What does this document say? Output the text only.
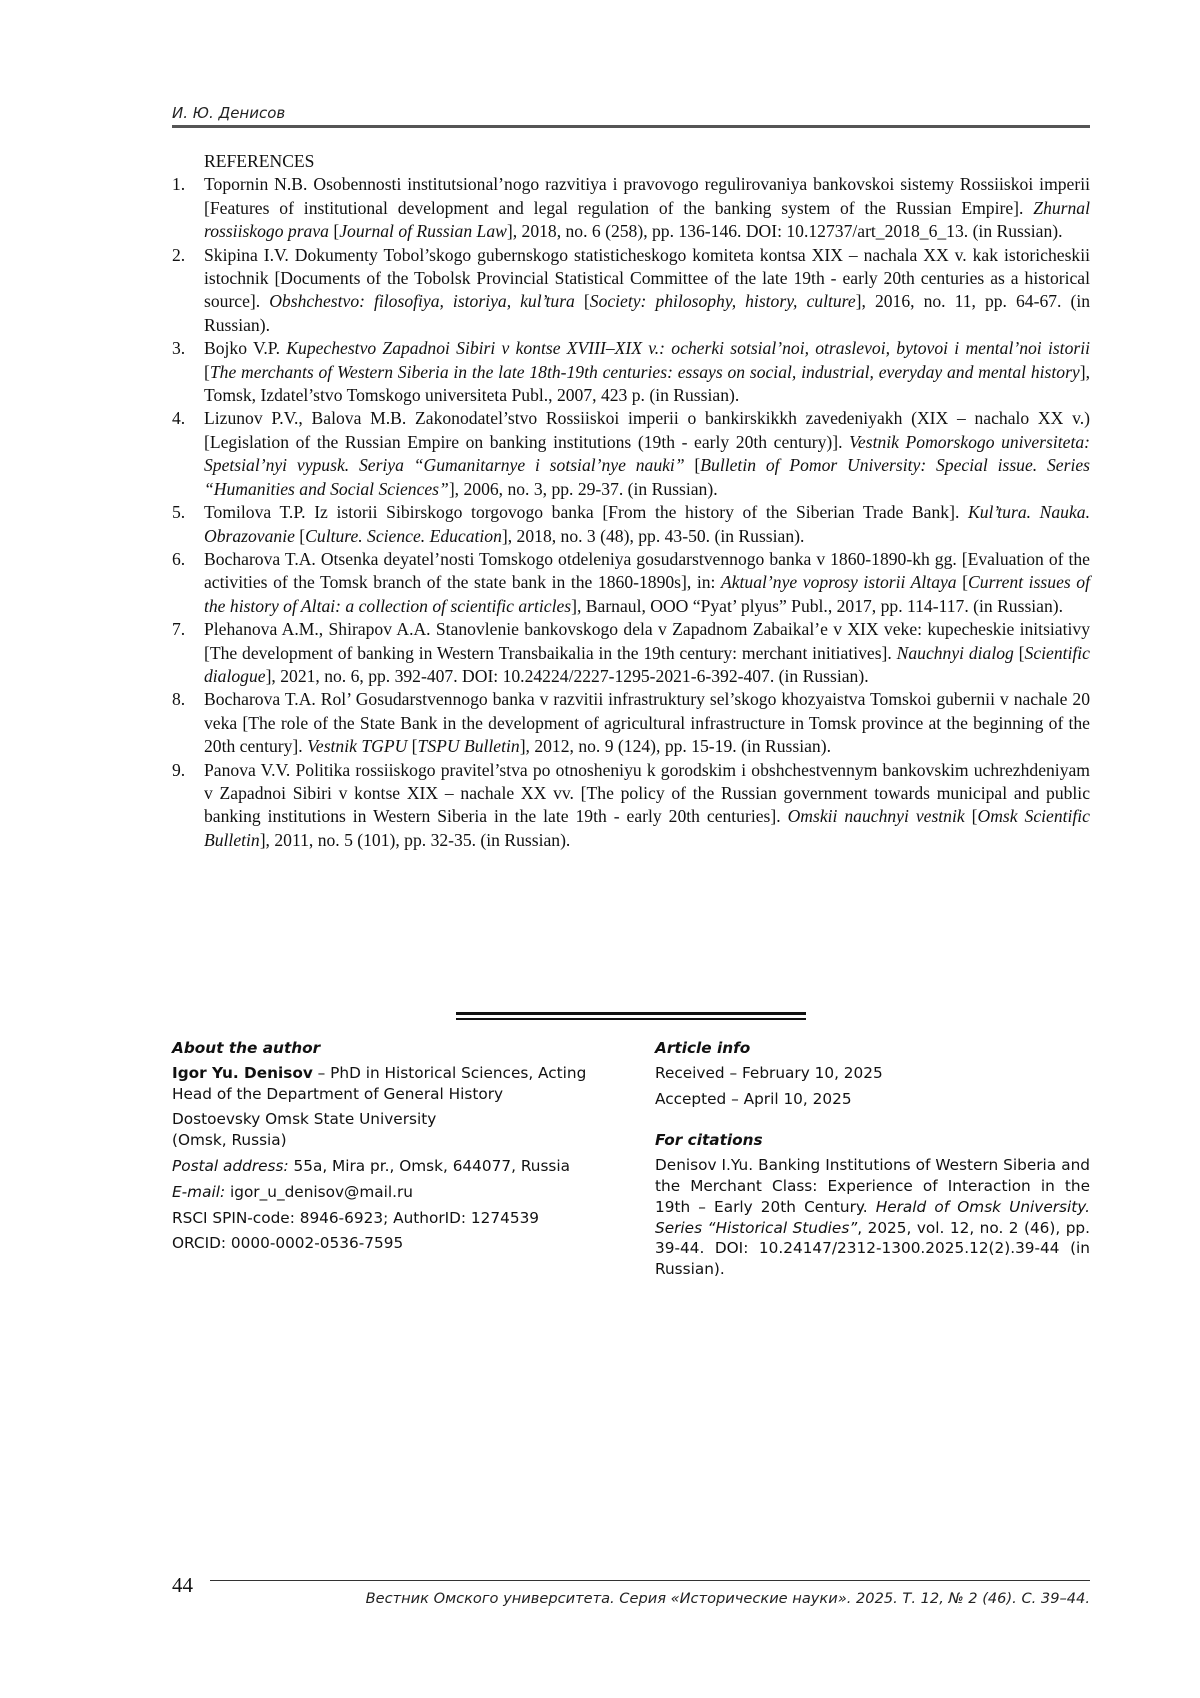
И. Ю. Денисов
REFERENCES
1. Topornin N.B. Osobennosti institutsional’nogo razvitiya i pravovogo regulirovaniya bankovskoi sistemy Rossiiskoi imperii [Features of institutional development and legal regulation of the banking system of the Russian Empire]. Zhurnal rossiiskogo prava [Journal of Russian Law], 2018, no. 6 (258), pp. 136-146. DOI: 10.12737/art_2018_6_13. (in Russian).
2. Skipina I.V. Dokumenty Tobol’skogo gubernskogo statisticheskogo komiteta kontsa XIX – nachala XX v. kak istoricheskii istochnik [Documents of the Tobolsk Provincial Statistical Committee of the late 19th - early 20th centuries as a historical source]. Obshchestvo: filosofiya, istoriya, kul’tura [Society: philosophy, history, culture], 2016, no. 11, pp. 64-67. (in Russian).
3. Bojko V.P. Kupechestvo Zapadnoi Sibiri v kontse XVIII–XIX v.: ocherki sotsial’noi, otraslevoi, bytovoi i mental’noi istorii [The merchants of Western Siberia in the late 18th-19th centuries: essays on social, industrial, everyday and mental history], Tomsk, Izdatel’stvo Tomskogo universiteta Publ., 2007, 423 p. (in Russian).
4. Lizunov P.V., Balova M.B. Zakonodatel’stvo Rossiiskoi imperii o bankirskikkh zavedeniyakh (XIX – nachalo XX v.) [Legislation of the Russian Empire on banking institutions (19th - early 20th century)]. Vestnik Pomorskogo universiteta: Spetsial’nyi vypusk. Seriya “Gumanitarnye i sotsial’nye nauki” [Bulletin of Pomor University: Special issue. Series “Humanities and Social Sciences”], 2006, no. 3, pp. 29-37. (in Russian).
5. Tomilova T.P. Iz istorii Sibirskogo torgovogo banka [From the history of the Siberian Trade Bank]. Kul’tura. Nauka. Obrazovanie [Culture. Science. Education], 2018, no. 3 (48), pp. 43-50. (in Russian).
6. Bocharova T.A. Otsenka deyatel’nosti Tomskogo otdeleniya gosudarstvennogo banka v 1860-1890-kh gg. [Evaluation of the activities of the Tomsk branch of the state bank in the 1860-1890s], in: Aktual’nye voprosy istorii Altaya [Current issues of the history of Altai: a collection of scientific articles], Barnaul, OOO “Pyat’ plyus” Publ., 2017, pp. 114-117. (in Russian).
7. Plehanova A.M., Shirapov A.A. Stanovlenie bankovskogo dela v Zapadnom Zabaikal’e v XIX veke: kupecheskie initsiativy [The development of banking in Western Transbaikalia in the 19th century: merchant initiatives]. Nauchnyi dialog [Scientific dialogue], 2021, no. 6, pp. 392-407. DOI: 10.24224/2227-1295-2021-6-392-407. (in Russian).
8. Bocharova T.A. Rol’ Gosudarstvennogo banka v razvitii infrastruktury sel’skogo khozyaistva Tomskoi gubernii v nachale 20 veka [The role of the State Bank in the development of agricultural infrastructure in Tomsk province at the beginning of the 20th century]. Vestnik TGPU [TSPU Bulletin], 2012, no. 9 (124), pp. 15-19. (in Russian).
9. Panova V.V. Politika rossiiskogo pravitel’stva po otnosheniyu k gorodskim i obshchestvennym bankovskim uchrezhdeniyam v Zapadnoi Sibiri v kontse XIX – nachale XX vv. [The policy of the Russian government towards municipal and public banking institutions in Western Siberia in the late 19th - early 20th centuries]. Omskii nauchnyi vestnik [Omsk Scientific Bulletin], 2011, no. 5 (101), pp. 32-35. (in Russian).
About the author
Igor Yu. Denisov – PhD in Historical Sciences, Acting Head of the Department of General History
Dostoevsky Omsk State University
(Omsk, Russia)
Postal address: 55a, Mira pr., Omsk, 644077, Russia
E-mail: igor_u_denisov@mail.ru
RSCI SPIN-code: 8946-6923; AuthorID: 1274539
ORCID: 0000-0002-0536-7595
Article info
Received – February 10, 2025
Accepted – April 10, 2025
For citations
Denisov I.Yu. Banking Institutions of Western Siberia and the Merchant Class: Experience of Interaction in the 19th – Early 20th Century. Herald of Omsk University. Series “Historical Studies”, 2025, vol. 12, no. 2 (46), pp. 39-44. DOI: 10.24147/2312-1300.2025.12(2).39-44 (in Russian).
44
Вестник Омского университета. Серия «Исторические науки». 2025. Т. 12, № 2 (46). С. 39–44.
